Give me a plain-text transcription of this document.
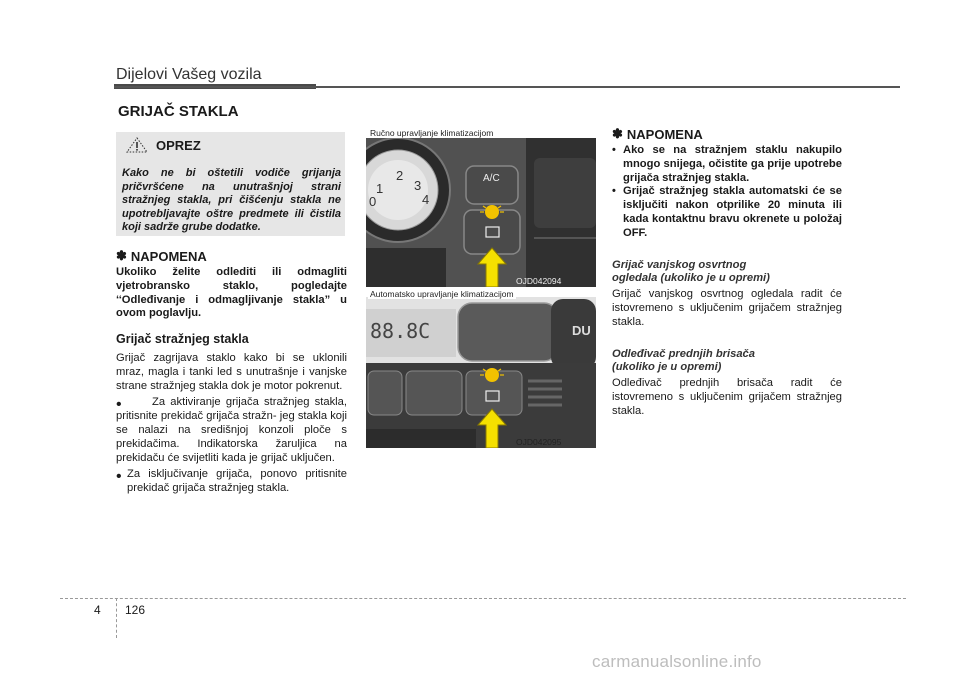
Dijelovi Vašeg vozila
GRIJAČ STAKLA
OPREZ

Kako ne bi oštetili vodiče grijanja pričvršćene na unutrašnjoj strani stražnjeg stakla, pri čišćenju stakla ne upotrebljavajte oštre predmete ili čistila koji sadrže grube dodatke.

✽ NAPOMENA

Ukoliko želite odlediti ili odmagliti vjetrobransko staklo, pogledajte ‘‘Odleđivanje i odmagljivanje stakla” u ovom poglavlju.

Grijač stražnjeg stakla

Grijač zagrijava staklo kako bi se uklonili mraz, magla i tanki led s unutrašnje i vanjske strane stražnjeg stakla dok je motor pokrenut.

•	Za aktiviranje grijača stražnjeg stakla, pritisnite prekidač grijača stražn- jeg stakla koji se nalazi na središnjoj konzoli ploče s prekidačima. Indikatorska žaruljica na prekidaču će svijetliti kada je grijač uključen.

• Za isključivanje grijača, ponovo pritisnite prekidač grijača stražnjeg stakla.

Ručno upravljanje klimatizacijom
OJD042094
A/C
1
2
3
4
0
Automatsko upravljanje klimatizacijom
OJD042095
88.8C	DU
✽ NAPOMENA
• Ako se na stražnjem staklu nakupilo mnogo snijega, očistite ga prije upotrebe grijača stražnjeg stakla.

• Grijač stražnjeg stakla automatski će se isključiti nakon otprilike 20 minuta ili kada kontaktnu bravu okrenete u položaj OFF.

Grijač vanjskog osvrtnog ogledala (ukoliko je u opremi)

Grijač vanjskog osvrtnog ogledala radit će istovremeno s uključenim grijačem stražnjeg stakla.

Odleđivač prednjih brisača (ukoliko je u opremi)

Odleđivač prednjih brisača radit će istovremeno s uključenim grijačem stražnjeg stakla.

4 126
carmanualsonline.info
